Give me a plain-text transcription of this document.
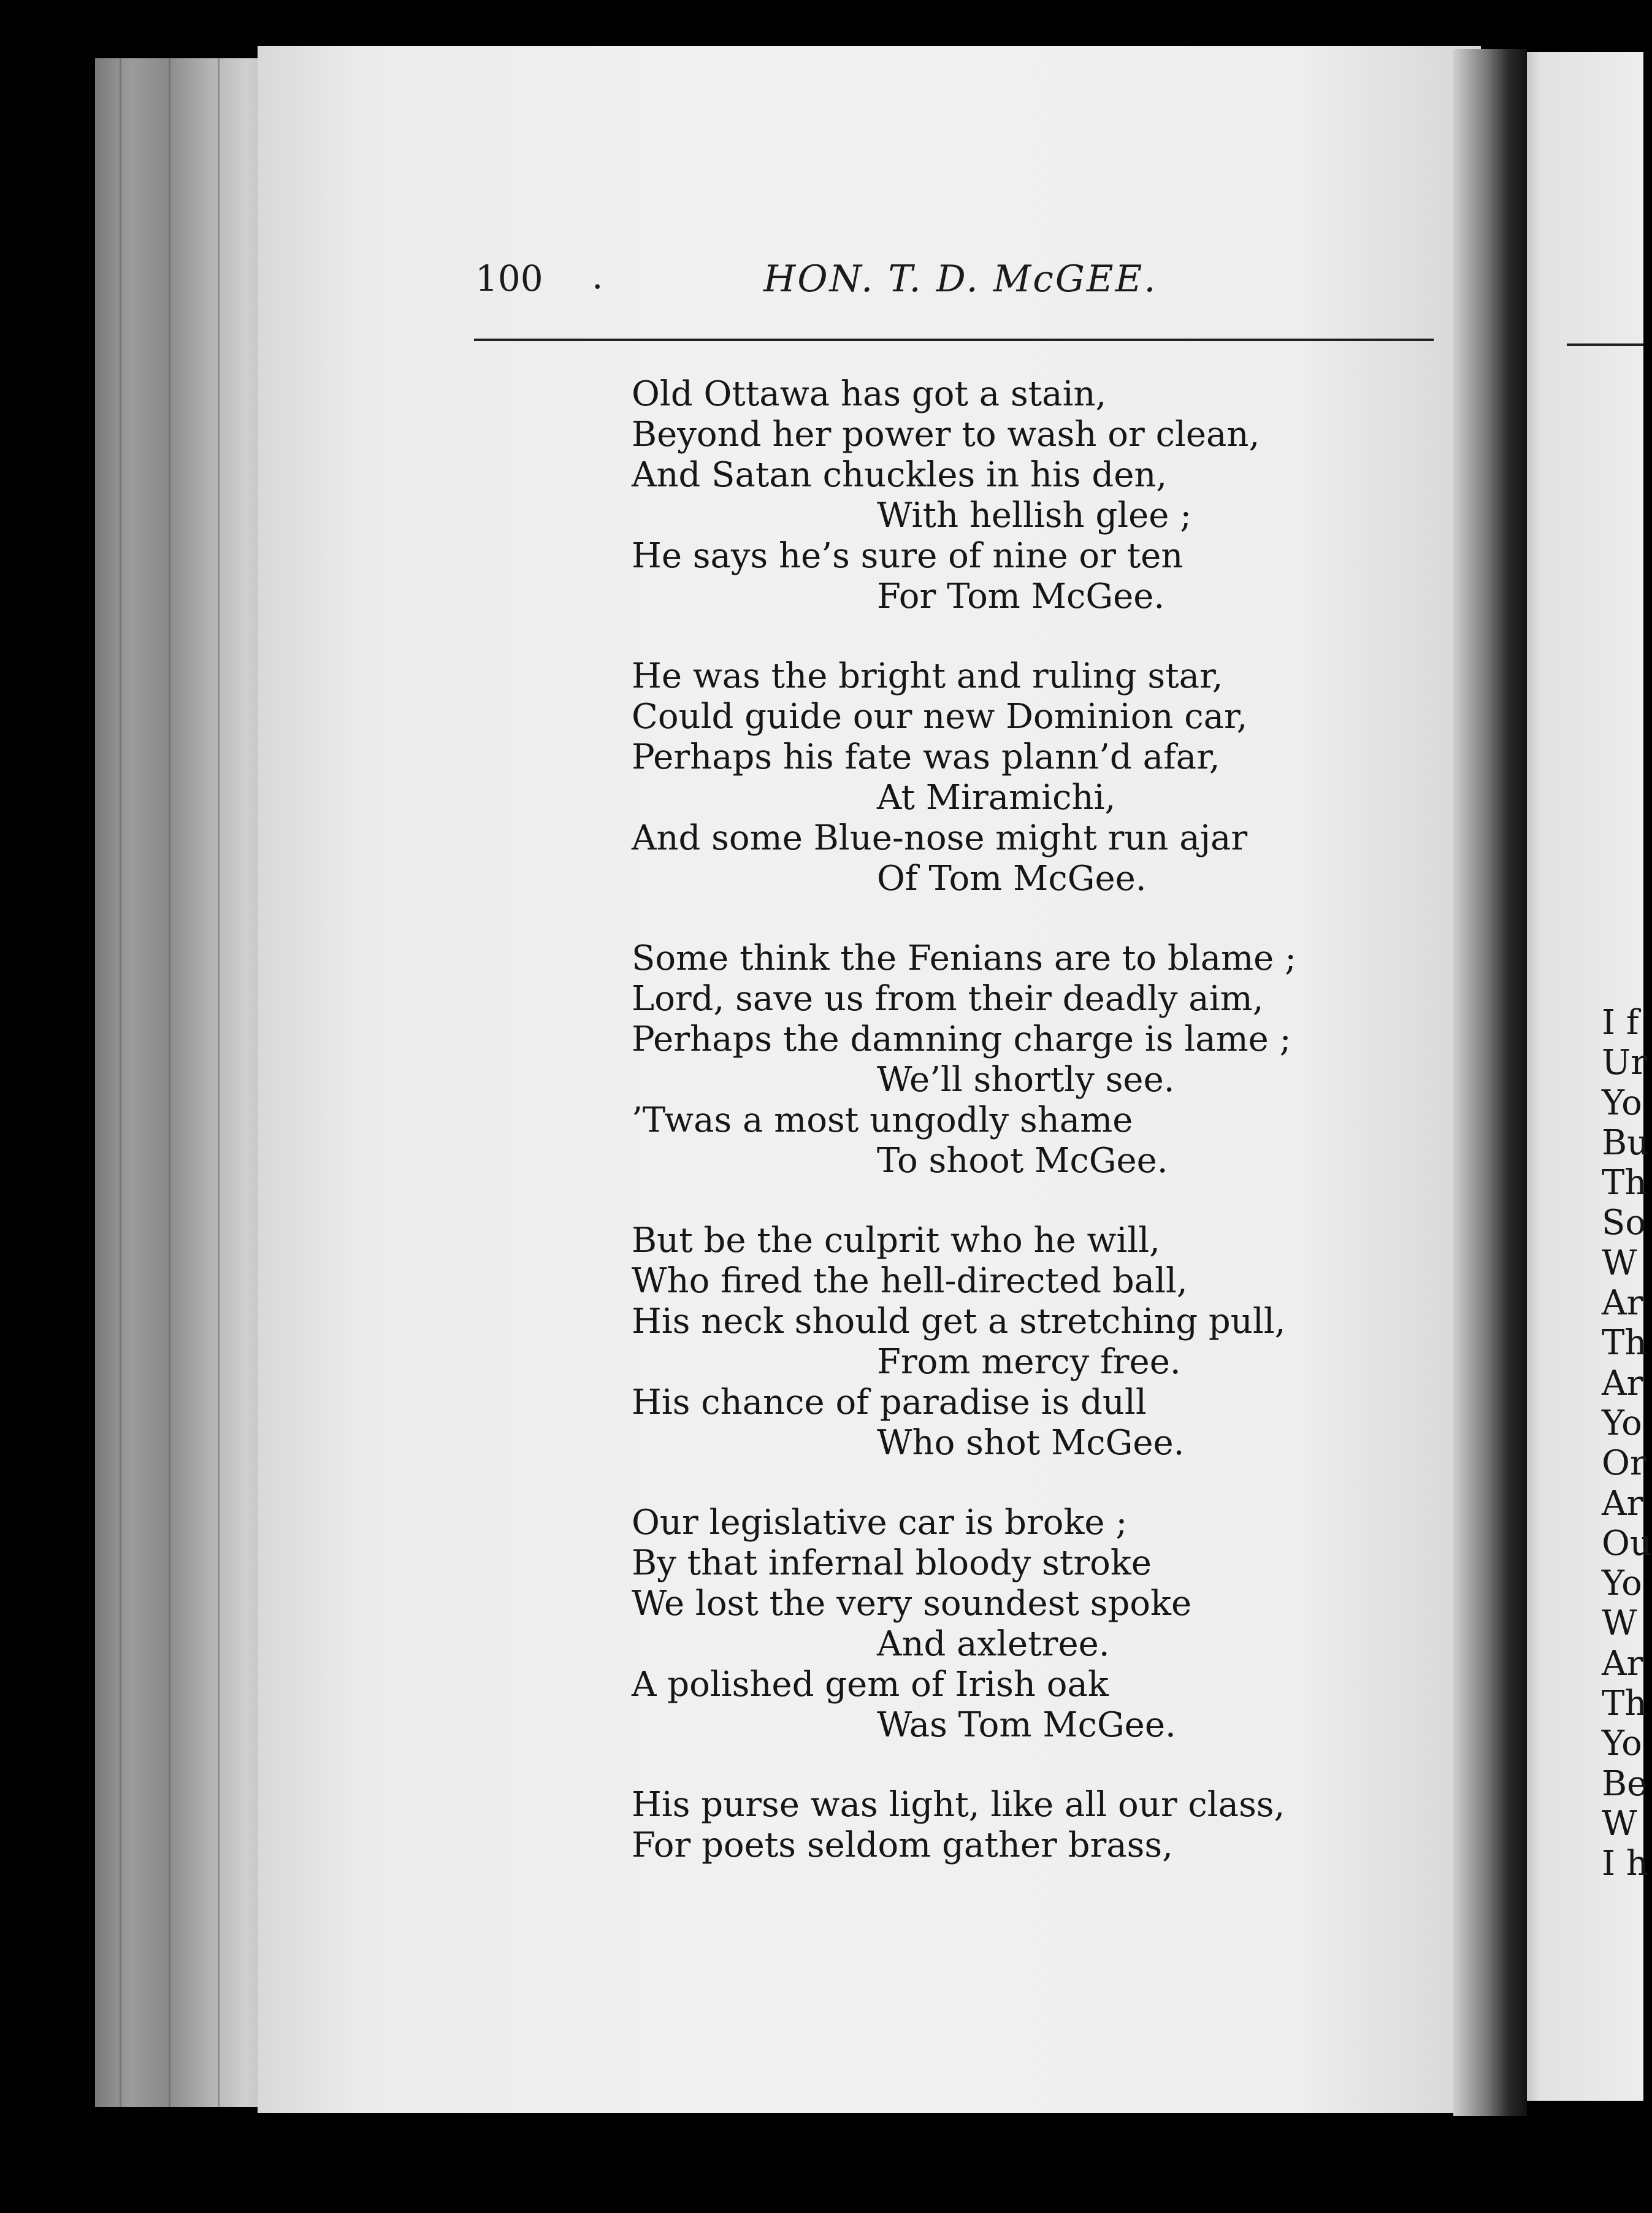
100 .	HON. T. D. McGEE.
Old Ottawa has got a stain,
Beyond her power to wash or clean,
And Satan chuckles in his den,
With hellish glee ;
He says he’s sure of nine or ten
For Tom McGee.
He was the bright and ruling star,
Could guide our new Dominion car,
Perhaps his fate was plann’d afar,
At Miramichi,
And some Blue-nose might run ajar
Of Tom McGee.
Some think the Fenians are to blame ;
Lord, save us from their deadly aim,
Perhaps the damning charge is lame ;
We’ll shortly see.
’Twas a most ungodly shame
To shoot McGee.
But be the culprit who he will,
Who fired the hell-directed ball,
His neck should get a stretching pull,
From mercy free.
His chance of paradise is dull
Who shot McGee.
Our legislative car is broke ;
By that infernal bloody stroke
We lost the very soundest spoke
And axletree.
A polished gem of Irish oak
Was Tom McGee.
His purse was light, like all our class,
For poets seldom gather brass,
I f
Ur
Yo
Bu
Th
So
W
Ar
Th
Ar
Yo
Or
Ar
Ou
Yo
W
Ar
Th
Yo
Be
W
I h
